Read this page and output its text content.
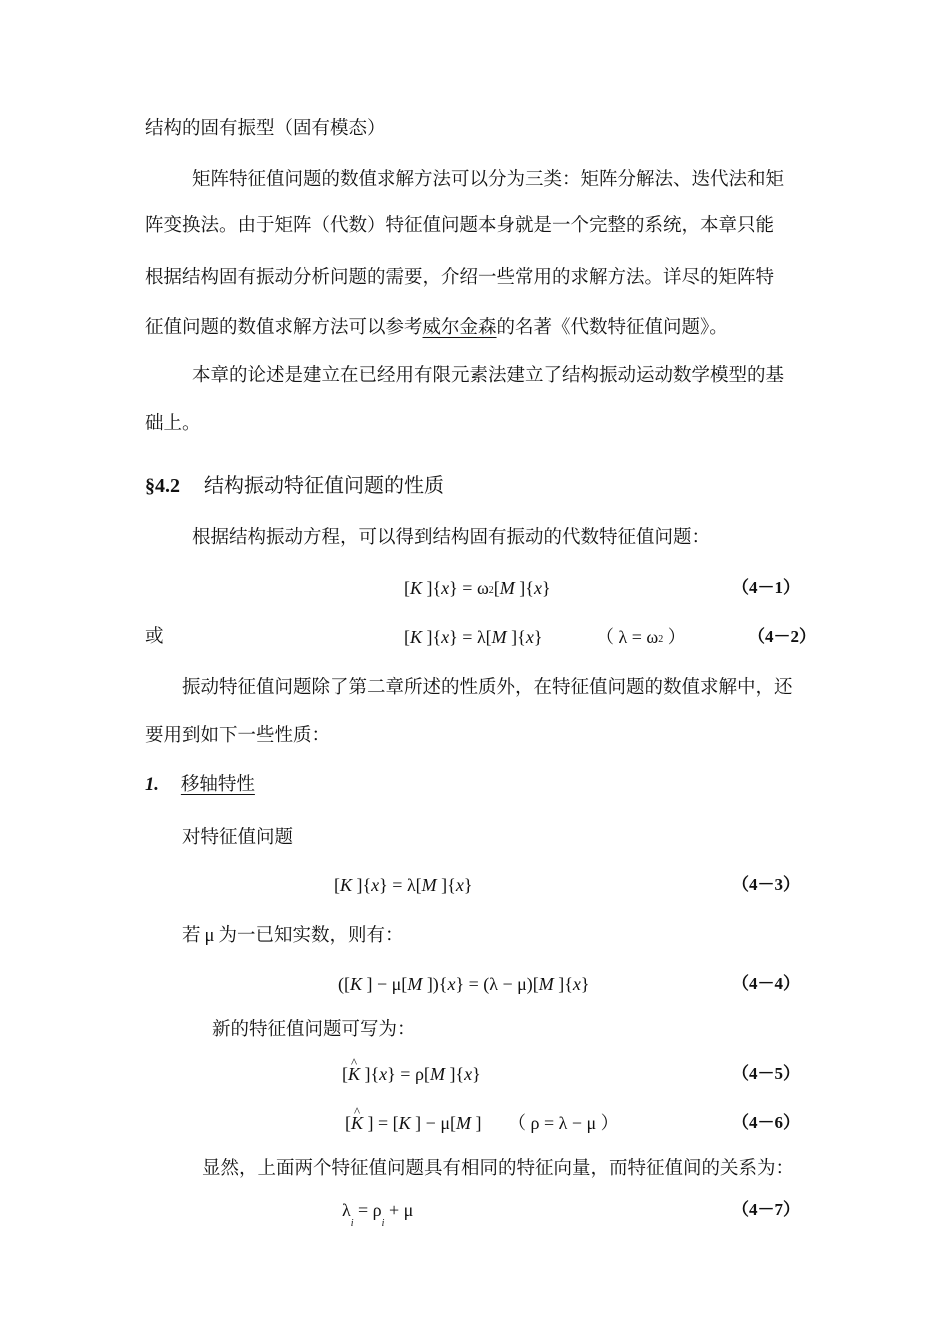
结构的固有振型（固有模态）
矩阵特征值问题的数值求解方法可以分为三类：矩阵分解法、迭代法和矩
阵变换法。由于矩阵（代数）特征值问题本身就是一个完整的系统，本章只能
根据结构固有振动分析问题的需要，介绍一些常用的求解方法。详尽的矩阵特
征值问题的数值求解方法可以参考威尔金森的名著《代数特征值问题》。
本章的论述是建立在已经用有限元素法建立了结构振动运动数学模型的基
础上。
§4.2 结构振动特征值问题的性质
根据结构振动方程，可以得到结构固有振动的代数特征值问题：
[K ]{x} = ω2[M ]{x}	（4－1）
或	[K ]{x} = λ[M ]{x}	（ λ = ω2 ）	（4－2）
振动特征值问题除了第二章所述的性质外，在特征值问题的数值求解中，还
要用到如下一些性质：
1. 移轴特性
对特征值问题
[K ]{x} = λ[M ]{x}	（4－3）
若 μ 为一已知实数，则有：
([K ] − μ[M ]){x} = (λ − μ)[M ]{x}	（4－4）
新的特征值问题可写为：
[^ K ]{x} = ρ[M ]{x}	（4－5）
[^ K ] = [K ] − μ[M ] （ ρ = λ − μ ）	（4－6）
显然，上面两个特征值问题具有相同的特征向量，而特征值间的关系为：
$\lambda_i = \rho_i + \mu$	（4－7）
